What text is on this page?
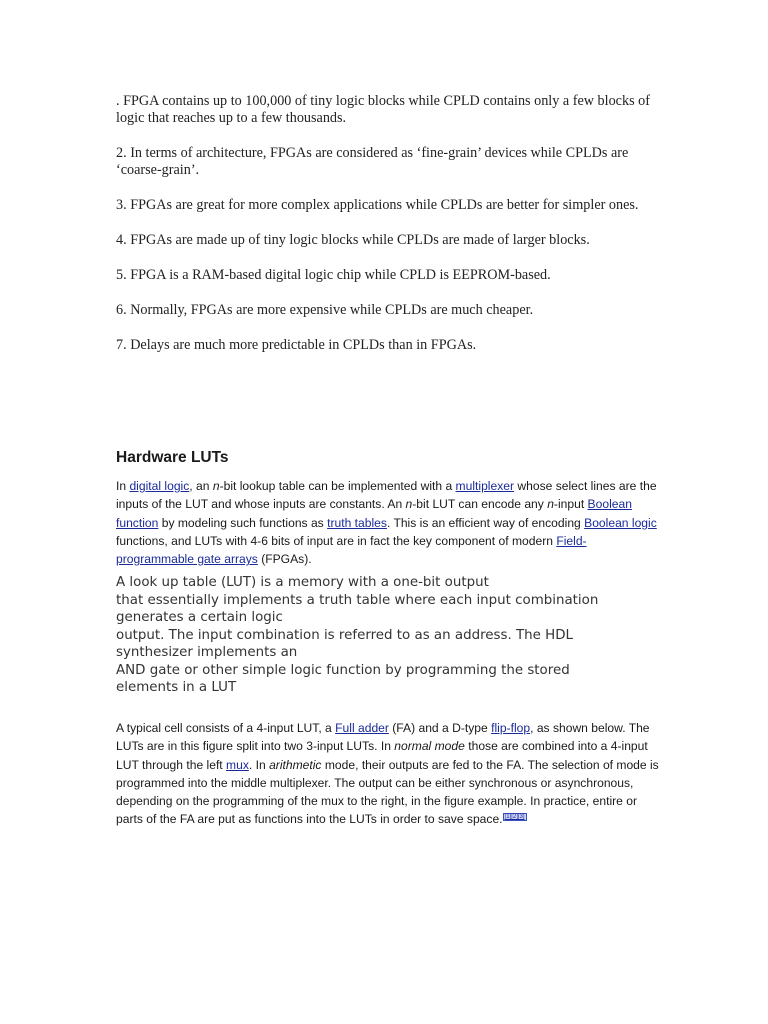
. FPGA contains up to 100,000 of tiny logic blocks while CPLD contains only a few blocks of logic that reaches up to a few thousands.

2. In terms of architecture, FPGAs are considered as ‘fine-grain’ devices while CPLDs are ‘coarse-grain’.

3. FPGAs are great for more complex applications while CPLDs are better for simpler ones.

4. FPGAs are made up of tiny logic blocks while CPLDs are made of larger blocks.

5. FPGA is a RAM-based digital logic chip while CPLD is EEPROM-based.

6. Normally, FPGAs are more expensive while CPLDs are much cheaper.

7. Delays are much more predictable in CPLDs than in FPGAs.

Hardware LUTs

In digital logic, an n-bit lookup table can be implemented with a multiplexer whose select lines are the inputs of the LUT and whose inputs are constants. An n-bit LUT can encode any n-input Boolean function by modeling such functions as truth tables. This is an efficient way of encoding Boolean logic functions, and LUTs with 4-6 bits of input are in fact the key component of modern Field-programmable gate arrays (FPGAs).

A look up table (LUT) is a memory with a one-bit output
that essentially implements a truth table where each input combination
generates a certain logic
output. The input combination is referred to as an address. The HDL
synthesizer implements an
AND gate or other simple logic function by programming the stored
elements in a LUT

A typical cell consists of a 4-input LUT, a Full adder (FA) and a D-type flip-flop, as shown below. The LUTs are in this figure split into two 3-input LUTs. In normal mode those are combined into a 4-input LUT through the left mux. In arithmetic mode, their outputs are fed to the FA. The selection of mode is programmed into the middle multiplexer. The output can be either synchronous or asynchronous, depending on the programming of the mux to the right, in the figure example. In practice, entire or parts of the FA are put as functions into the LUTs in order to save space. [1][2][3]
